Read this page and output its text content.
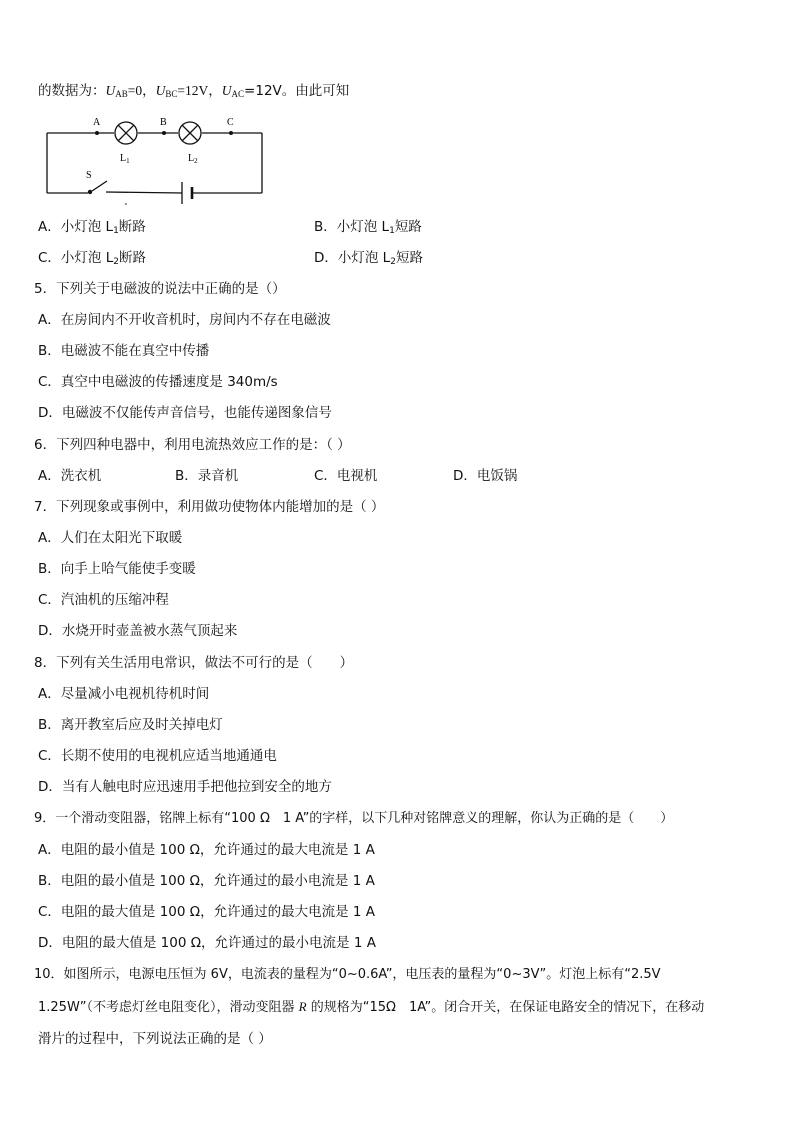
的数据为：$U_{AB}=0$，$U_{BC}=12V$，$U_{AC}=12V$。由此可知
A	B	C
$L_1$	$L_2$
S
A．小灯泡 $L_1$断路	B．小灯泡 $L_1$短路
C．小灯泡 $L_2$断路	D．小灯泡 $L_2$短路
5．下列关于电磁波的说法中正确的是（）
A．在房间内不开收音机时，房间内不存在电磁波
B．电磁波不能在真空中传播
C．真空中电磁波的传播速度是 340m/s
D．电磁波不仅能传声音信号，也能传递图象信号
6．下列四种电器中，利用电流热效应工作的是：（ ）
A．洗衣机	B．录音机	C．电视机	D．电饭锅
7．下列现象或事例中，利用做功使物体内能增加的是（ ）
A．人们在太阳光下取暖
B．向手上哈气能使手变暖
C．汽油机的压缩冲程
D．水烧开时壶盖被水蒸气顶起来
8．下列有关生活用电常识，做法不可行的是（　　）
A．尽量减小电视机待机时间
B．离开教室后应及时关掉电灯
C．长期不使用的电视机应适当地通通电
D．当有人触电时应迅速用手把他拉到安全的地方
9．一个滑动变阻器，铭牌上标有“100 Ω　1 A”的字样，以下几种对铭牌意义的理解，你认为正确的是（　　）
A．电阻的最小值是 100 Ω，允许通过的最大电流是 1 A
B．电阻的最小值是 100 Ω，允许通过的最小电流是 1 A
C．电阻的最大值是 100 Ω，允许通过的最大电流是 1 A
D．电阻的最大值是 100 Ω，允许通过的最小电流是 1 A
10．如图所示，电源电压恒为 6V，电流表的量程为“0~0.6A”，电压表的量程为“0~3V”。灯泡上标有“2.5V
1.25W”（不考虑灯丝电阻变化），滑动变阻器 R 的规格为“15Ω　1A”。闭合开关，在保证电路安全的情况下，在移动
滑片的过程中，下列说法正确的是（ ）
